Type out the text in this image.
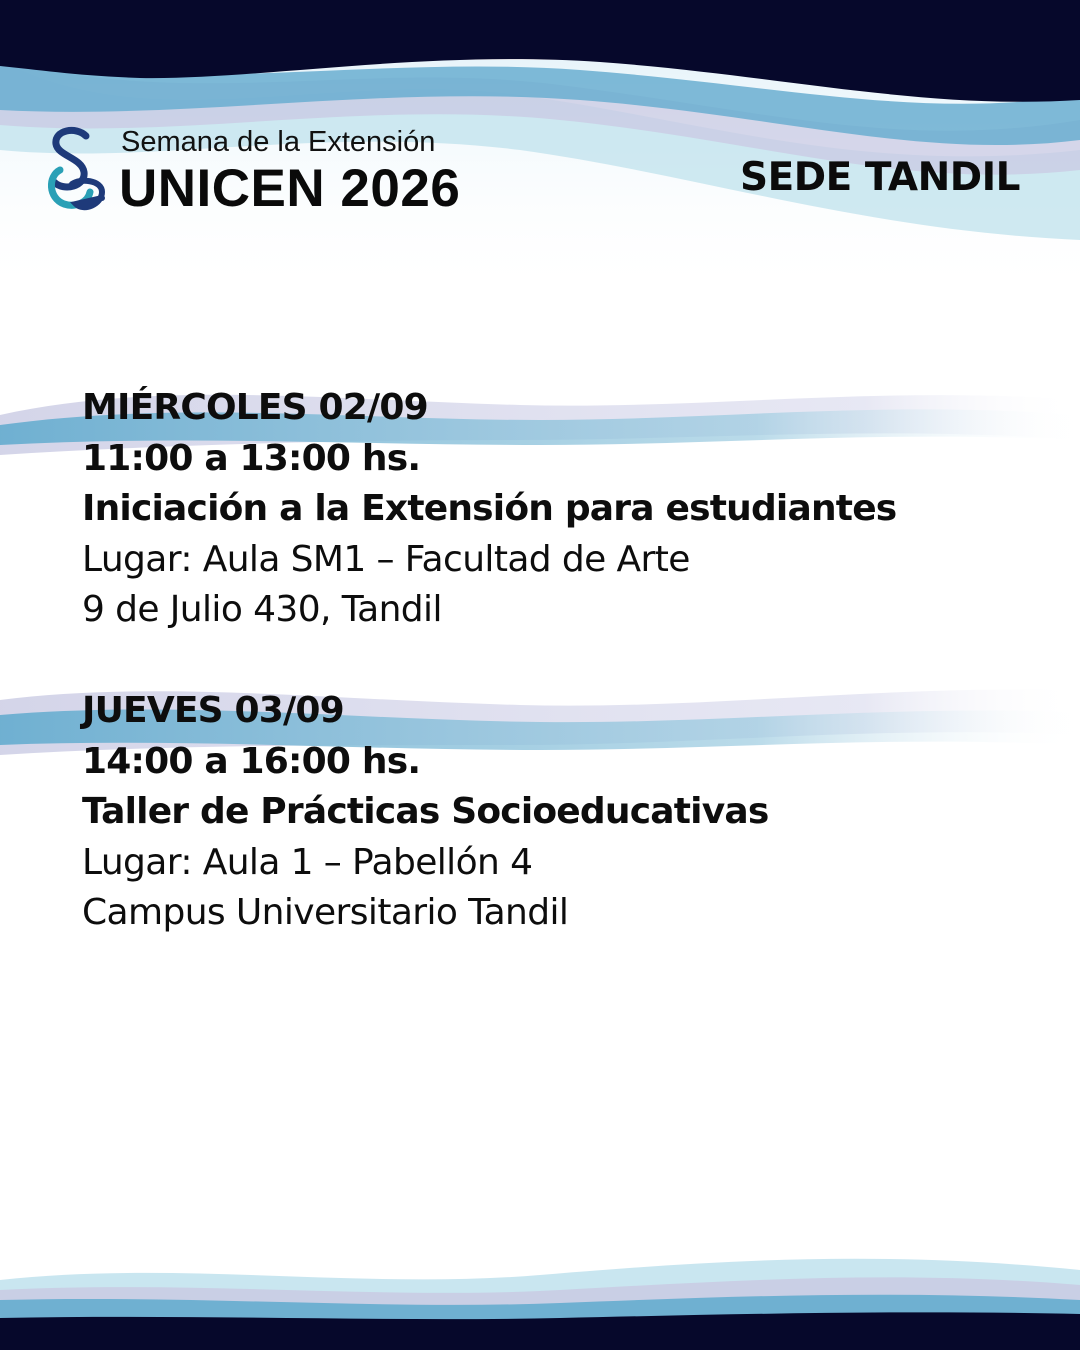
Semana de la Extensión
UNICEN 2026	SEDE TANDIL
MIÉRCOLES 02/09
11:00 a 13:00 hs.
Iniciación a la Extensión para estudiantes
Lugar: Aula SM1 – Facultad de Arte
9 de Julio 430, Tandil
JUEVES 03/09
14:00 a 16:00 hs.
Taller de Prácticas Socioeducativas
Lugar: Aula 1 – Pabellón 4
Campus Universitario Tandil
